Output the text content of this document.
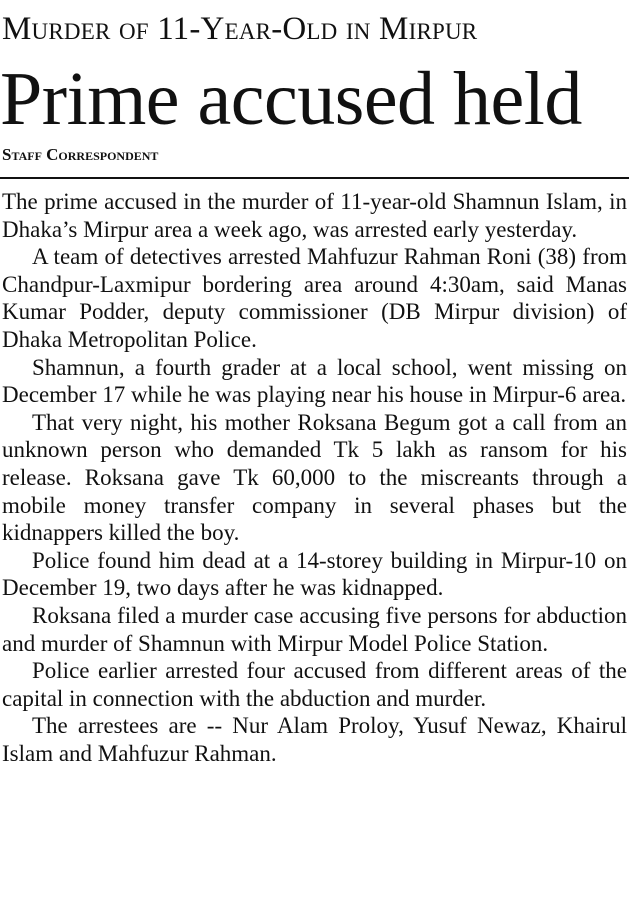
Murder of 11-Year-Old in Mirpur
Prime accused held
Staff Correspondent

The prime accused in the murder of 11-year-old Shamnun Islam, in Dhaka’s Mirpur area a week ago, was arrested early yesterday.

A team of detectives arrested Mahfuzur Rahman Roni (38) from Chandpur-Laxmipur bordering area around 4:30am, said Manas Kumar Podder, deputy commissioner (DB Mirpur division) of Dhaka Metropolitan Police.

Shamnun, a fourth grader at a local school, went missing on December 17 while he was playing near his house in Mirpur-6 area.

That very night, his mother Roksana Begum got a call from an unknown person who demanded Tk 5 lakh as ransom for his release. Roksana gave Tk 60,000 to the miscreants through a mobile money transfer company in several phases but the kidnappers killed the boy.

Police found him dead at a 14-storey building in Mirpur-10 on December 19, two days after he was kidnapped.

Roksana filed a murder case accusing five persons for abduction and murder of Shamnun with Mirpur Model Police Station.

Police earlier arrested four accused from different areas of the capital in connection with the abduction and murder.

The arrestees are -- Nur Alam Proloy, Yusuf Newaz, Khairul Islam and Mahfuzur Rahman.
